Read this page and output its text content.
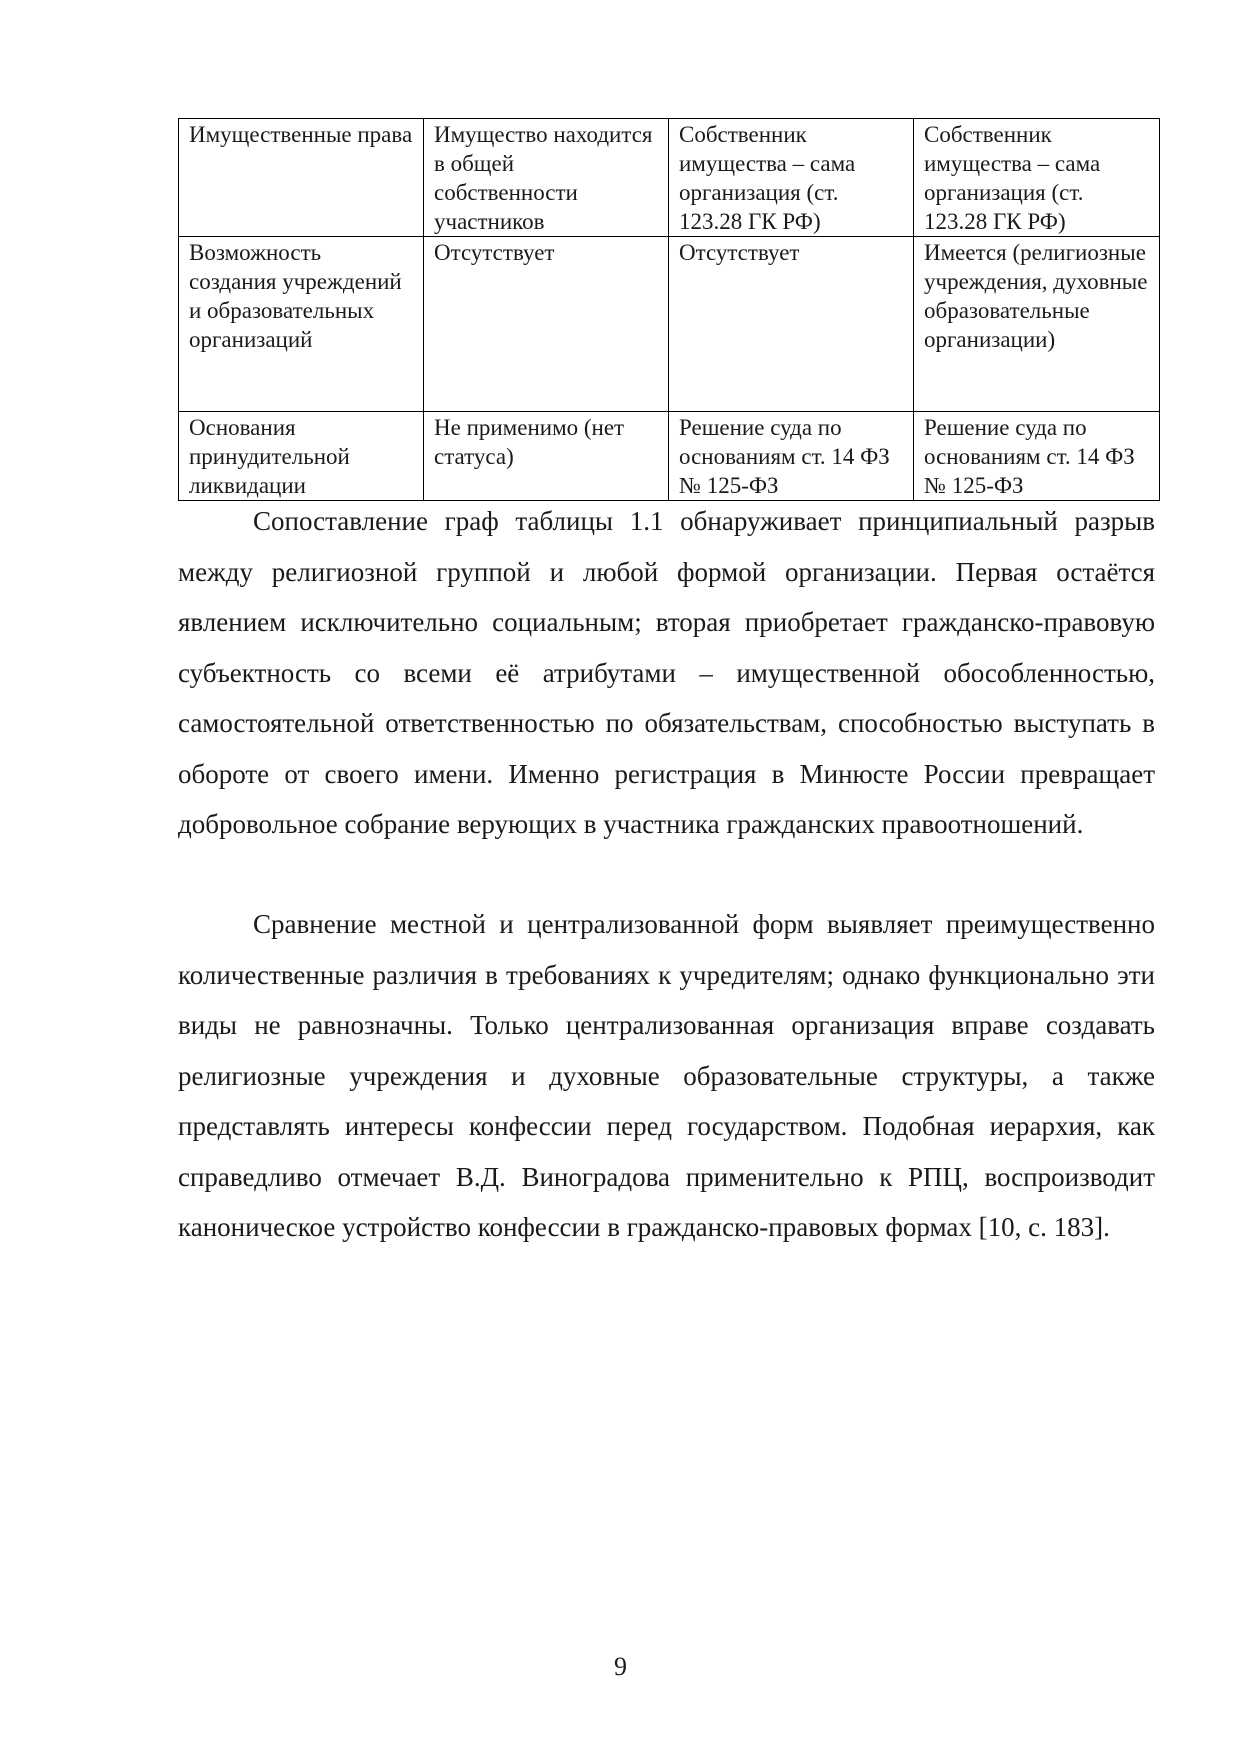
Имущественные права	Имущество находится в общей собственности участников	Собственник имущества – сама организация (ст. 123.28 ГК РФ)	Собственник имущества – сама организация (ст. 123.28 ГК РФ)
Возможность создания учреждений и образовательных организаций	Отсутствует	Отсутствует	Имеется (религиозные учреждения, духовные образовательные организации)
Основания принудительной ликвидации	Не применимо (нет статуса)	Решение суда по основаниям ст. 14 ФЗ № 125-ФЗ	Решение суда по основаниям ст. 14 ФЗ № 125-ФЗ

Сопоставление граф таблицы 1.1 обнаруживает принципиальный разрыв между религиозной группой и любой формой организации. Первая остаётся явлением исключительно социальным; вторая приобретает гражданско-правовую субъектность со всеми её атрибутами – имущественной обособленностью, самостоятельной ответственностью по обязательствам, способностью выступать в обороте от своего имени. Именно регистрация в Минюсте России превращает добровольное собрание верующих в участника гражданских правоотношений.

Сравнение местной и централизованной форм выявляет преимущественно количественные различия в требованиях к учредителям; однако функционально эти виды не равнозначны. Только централизованная организация вправе создавать религиозные учреждения и духовные образовательные структуры, а также представлять интересы конфессии перед государством. Подобная иерархия, как справедливо отмечает В.Д. Виноградова применительно к РПЦ, воспроизводит каноническое устройство конфессии в гражданско-правовых формах [10, с. 183].

9
